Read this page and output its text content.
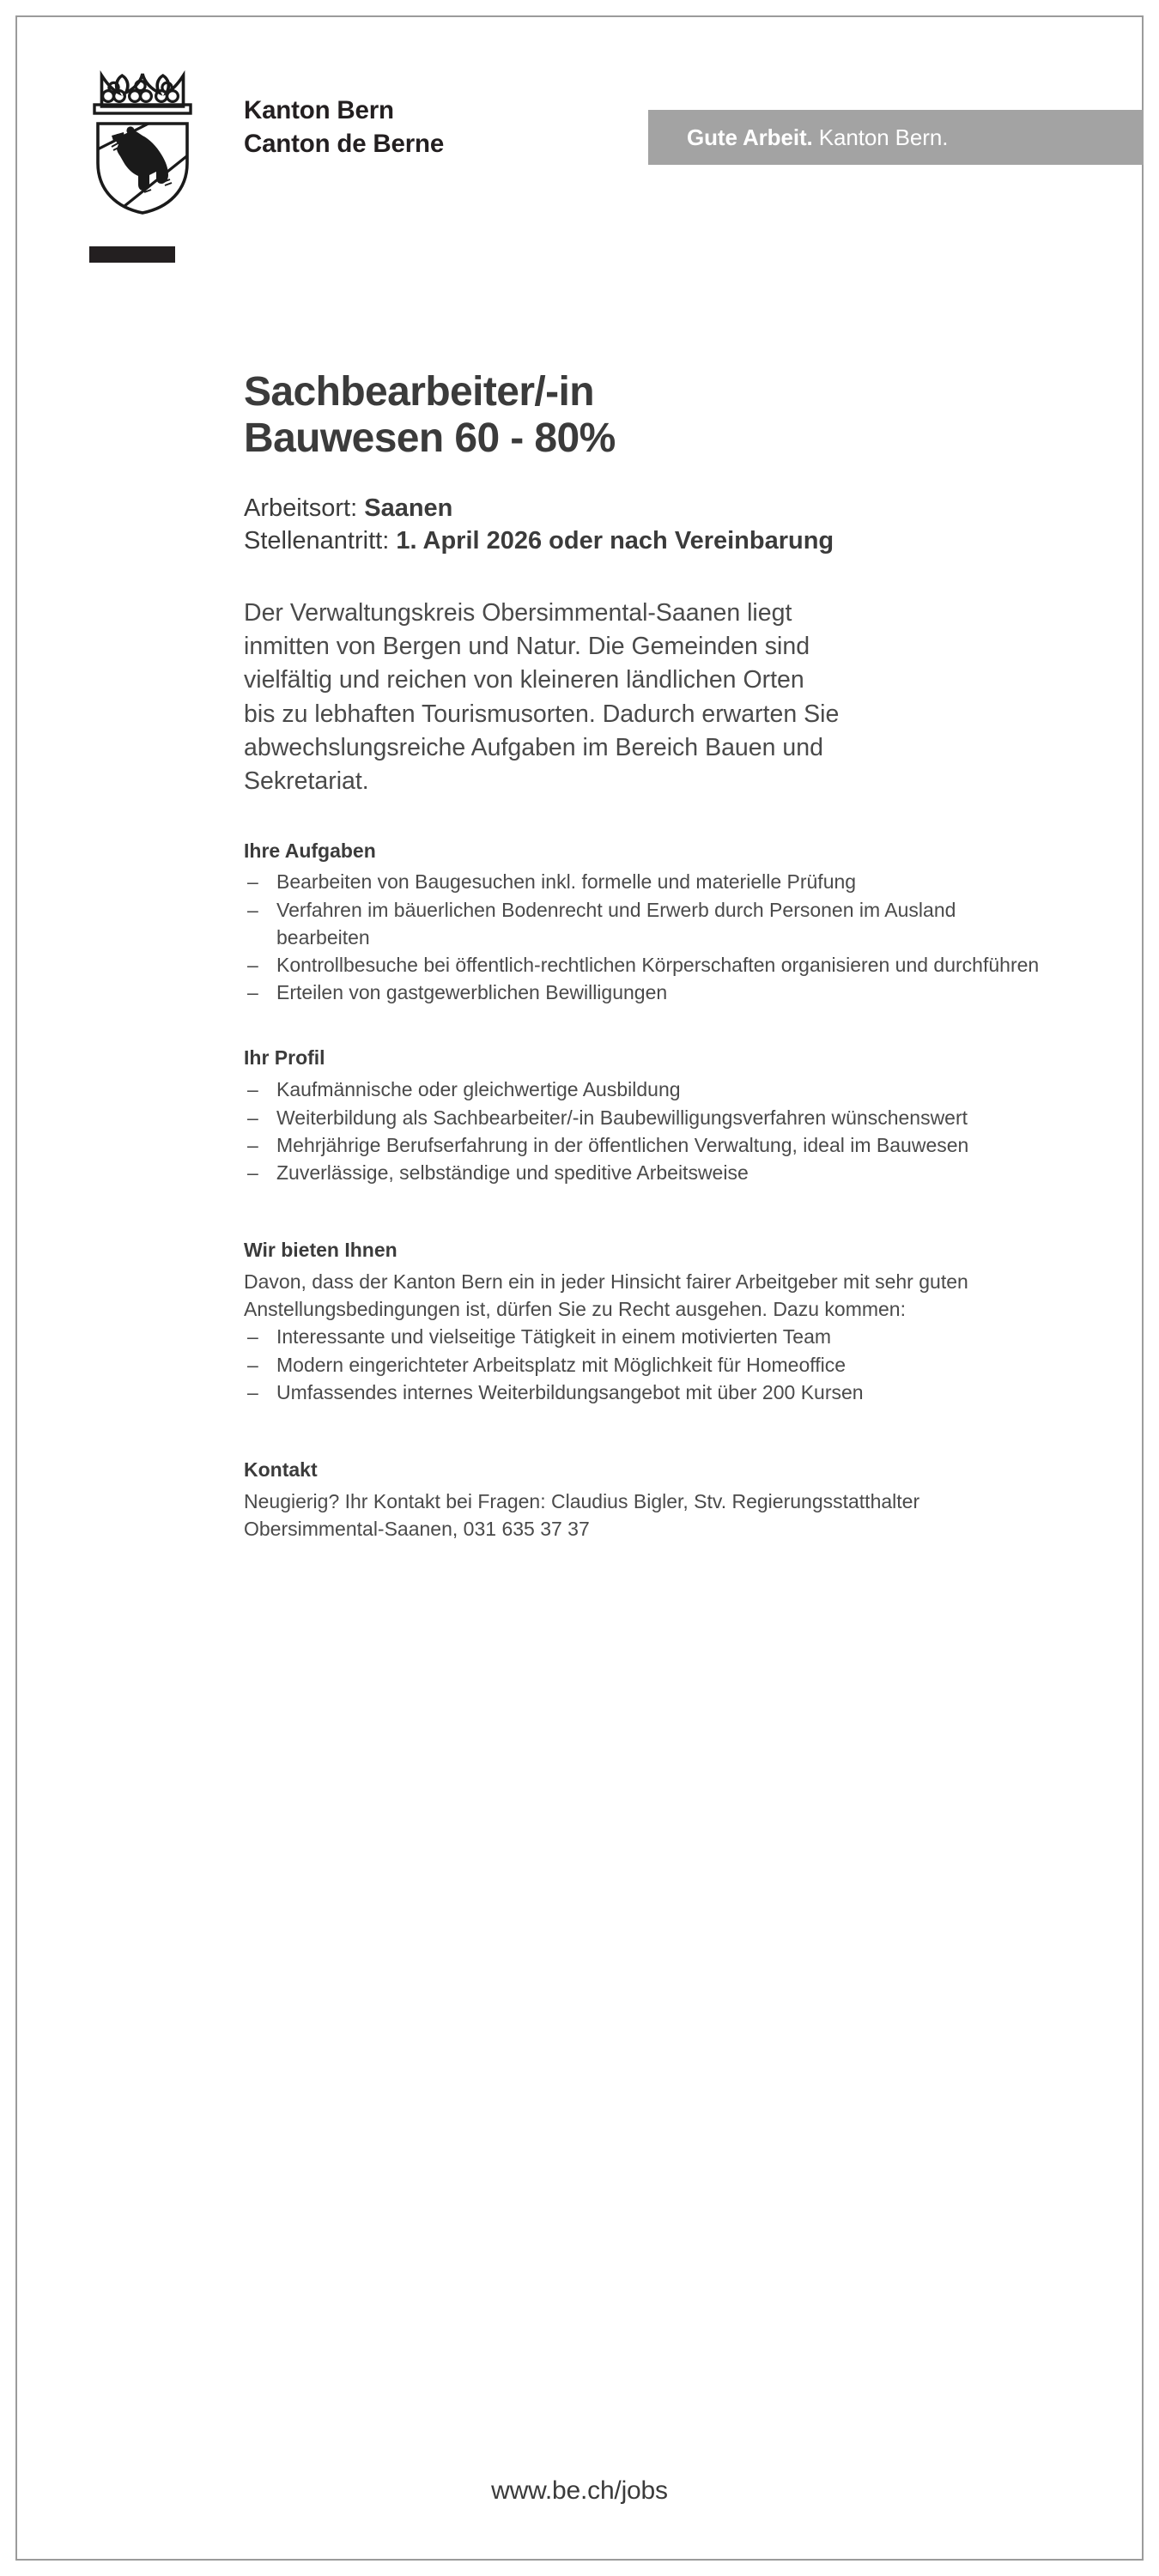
Kanton Bern
Canton de Berne	Gute Arbeit. Kanton Bern.
Sachbearbeiter/-in
Bauwesen 60 - 80%
Arbeitsort: Saanen
Stellenantritt: 1. April 2026 oder nach Vereinbarung

Der Verwaltungskreis Obersimmental-Saanen liegt inmitten von Bergen und Natur. Die Gemeinden sind vielfältig und reichen von kleineren ländlichen Orten bis zu lebhaften Tourismusorten. Dadurch erwarten Sie abwechslungsreiche Aufgaben im Bereich Bauen und Sekretariat.

Ihre Aufgaben
– Bearbeiten von Baugesuchen inkl. formelle und materielle Prüfung
– Verfahren im bäuerlichen Bodenrecht und Erwerb durch Personen im Ausland bearbeiten
– Kontrollbesuche bei öffentlich-rechtlichen Körperschaften organisieren und durchführen
– Erteilen von gastgewerblichen Bewilligungen
Ihr Profil
– Kaufmännische oder gleichwertige Ausbildung
– Weiterbildung als Sachbearbeiter/-in Baubewilligungsverfahren wünschenswert
– Mehrjährige Berufserfahrung in der öffentlichen Verwaltung, ideal im Bauwesen
– Zuverlässige, selbständige und speditive Arbeitsweise
Wir bieten Ihnen
Davon, dass der Kanton Bern ein in jeder Hinsicht fairer Arbeitgeber mit sehr guten Anstellungsbedingungen ist, dürfen Sie zu Recht ausgehen. Dazu kommen:
– Interessante und vielseitige Tätigkeit in einem motivierten Team
– Modern eingerichteter Arbeitsplatz mit Möglichkeit für Homeoffice
– Umfassendes internes Weiterbildungsangebot mit über 200 Kursen
Kontakt
Neugierig? Ihr Kontakt bei Fragen: Claudius Bigler, Stv. Regierungsstatthalter Obersimmental-Saanen, 031 635 37 37
www.be.ch/jobs
